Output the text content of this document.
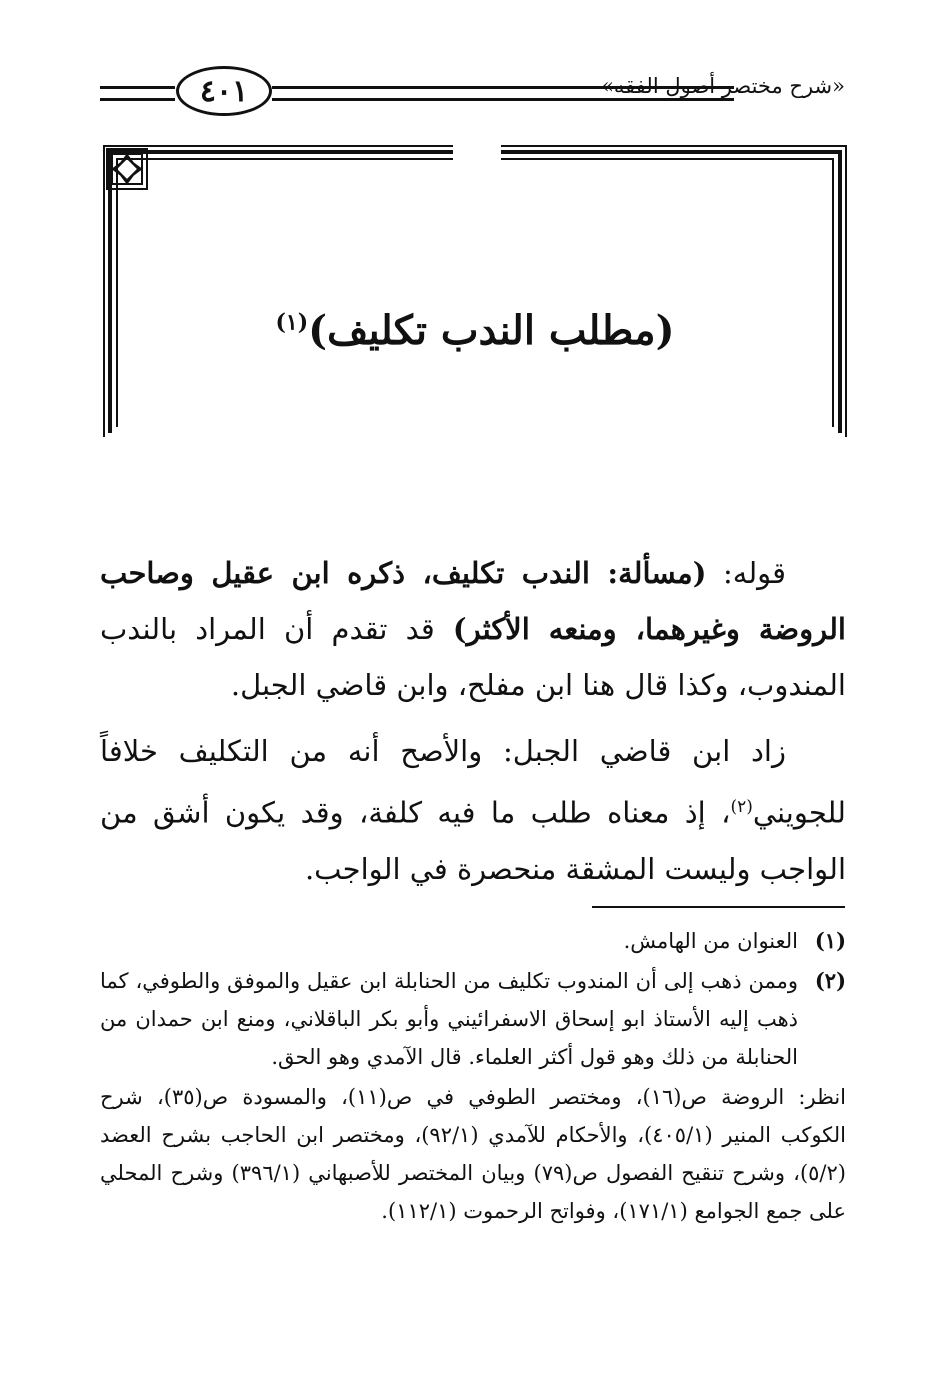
٤٠١	«شرح مختصر أصول الفقه»
(مطلب الندب تكليف)$^{(١)}$

قوله: (مسألة: الندب تكليف، ذكره ابن عقيل وصاحب الروضة وغيرهما، ومنعه الأكثر) قد تقدم أن المراد بالندب المندوب، وكذا قال هنا ابن مفلح، وابن قاضي الجبل.

زاد ابن قاضي الجبل: والأصح أنه من التكليف خلافاً للجويني$^{(٢)}$، إذ معناه طلب ما فيه كلفة، وقد يكون أشق من الواجب وليست المشقة منحصرة في الواجب.

(١)
العنوان من الهامش.
(٢)
وممن ذهب إلى أن المندوب تكليف من الحنابلة ابن عقيل والموفق والطوفي، كما ذهب إليه الأستاذ ابو إسحاق الاسفرائيني وأبو بكر الباقلاني، ومنع ابن حمدان من الحنابلة من ذلك وهو قول أكثر العلماء. قال الآمدي وهو الحق.
انظر: الروضة ص(١٦)، ومختصر الطوفي في ص(١١)، والمسودة ص(٣٥)، شرح الكوكب المنير (٤٠٥/١)، والأحكام للآمدي (٩٢/١)، ومختصر ابن الحاجب بشرح العضد (٥/٢)، وشرح تنقيح الفصول ص(٧٩) وبيان المختصر للأصبهاني (٣٩٦/١) وشرح المحلي على جمع الجوامع (١٧١/١)، وفواتح الرحموت (١١٢/١).
